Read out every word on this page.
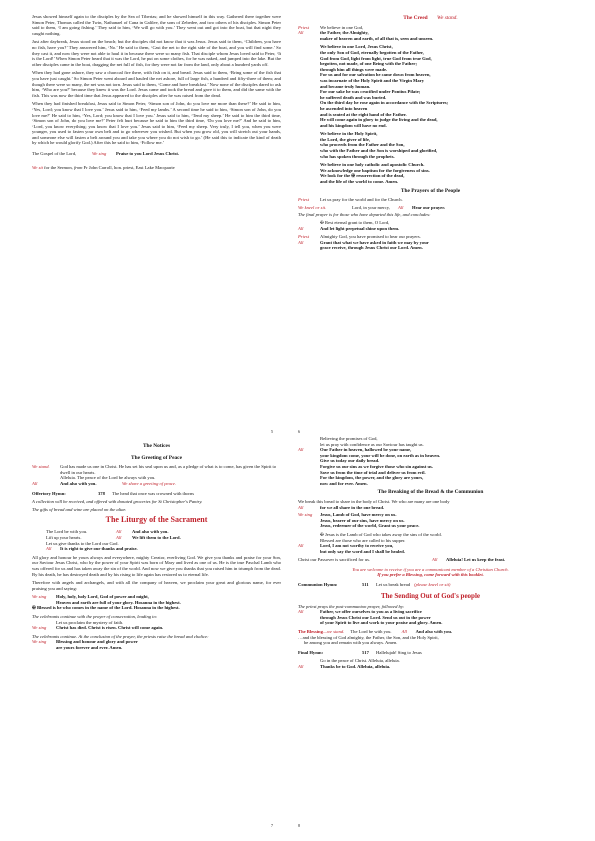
Jesus showed himself again to the disciples by the Sea of Tiberias; and he showed himself in this way. Gathered there together were Simon Peter, Thomas called the Twin, Nathanael of Cana in Galilee, the sons of Zebedee, and two others of his disciples. Simon Peter said to them, ‘I am going fishing.’ They said to him, ‘We will go with you.’ They went out and got into the boat, but that night they caught nothing.

Just after daybreak, Jesus stood on the beach; but the disciples did not know that it was Jesus. Jesus said to them, ‘Children, you have no fish, have you?’ They answered him, ‘No.’ He said to them, ‘Cast the net to the right side of the boat, and you will find some.’ So they cast it, and now they were not able to haul it in because there were so many fish. That disciple whom Jesus loved said to Peter, ‘It is the Lord!’ When Simon Peter heard that it was the Lord, he put on some clothes, for he was naked, and jumped into the lake. But the other disciples came in the boat, dragging the net full of fish, for they were not far from the land, only about a hundred yards off.

When they had gone ashore, they saw a charcoal fire there, with fish on it, and bread. Jesus said to them, ‘Bring some of the fish that you have just caught.’ So Simon Peter went aboard and hauled the net ashore, full of large fish, a hundred and fifty-three of them; and though there were so many, the net was not torn. Jesus said to them, ‘Come and have breakfast.’ Now none of the disciples dared to ask him, ‘Who are you?’ because they knew it was the Lord. Jesus came and took the bread and gave it to them, and did the same with the fish. This was now the third time that Jesus appeared to the disciples after he was raised from the dead.

When they had finished breakfast, Jesus said to Simon Peter, ‘Simon son of John, do you love me more than these?’ He said to him, ‘Yes, Lord; you know that I love you.’ Jesus said to him, ‘Feed my lambs.’ A second time he said to him, ‘Simon son of John, do you love me?’ He said to him, ‘Yes, Lord; you know that I love you.’ Jesus said to him, ‘Tend my sheep.’ He said to him the third time, ‘Simon son of John, do you love me?’ Peter felt hurt because he said to him the third time, ‘Do you love me?’ And he said to him, ‘Lord, you know everything; you know that I love you.’ Jesus said to him, ‘Feed my sheep. Very truly, I tell you, when you were younger, you used to fasten your own belt and to go wherever you wished. But when you grow old, you will stretch out your hands, and someone else will fasten a belt around you and take you where you do not wish to go.’ (He said this to indicate the kind of death by which he would glorify God.) After this he said to him, ‘Follow me.’

The Gospel of the Lord,	We sing	Praise to you Lord Jesus Christ.
We sit for the Sermon, from Fr John Carroll, hon. priest, East Lake Macquarie
5
The Creed We stand.
Priest	We believe in one God,
All	the Father, the Almighty,
maker of heaven and earth, of all that is, seen and unseen.
We believe in one Lord, Jesus Christ,
the only Son of God, eternally begotten of the Father,
God from God, light from light, true God from true God,
begotten, not made, of one Being with the Father;
through him all things were made.
For us and for our salvation he came down from heaven,
was incarnate of the Holy Spirit and the Virgin Mary
and became truly human.
For our sake he was crucified under Pontius Pilate;
he suffered death and was buried.
On the third day he rose again in accordance with the Scriptures;
he ascended into heaven
and is seated at the right hand of the Father.
He will come again in glory to judge the living and the dead,
and his kingdom will have no end.
We believe in the Holy Spirit,
the Lord, the giver of life,
who proceeds from the Father and the Son,
who with the Father and the Son is worshiped and glorified,
who has spoken through the prophets.
We believe in one holy catholic and apostolic Church.
We acknowledge one baptism for the forgiveness of sins.
We look for the ✠ resurrection of the dead,
and the life of the world to come. Amen.
The Prayers of the People
Priest	Let us pray for the world and for the Church.
We kneel or sit.	Lord, in your mercy,	All	Hear our prayer.
The final prayer is for those who have departed this life, and concludes:
✠ Rest eternal grant to them, O Lord,
All	And let light perpetual shine upon them.
Priest	Almighty God, you have promised to hear our prayers.
All	Grant that what we have asked in faith we may by your
grace receive, through Jesus Christ our Lord. Amen.
6
The Notices
The Greeting of Peace
We stand.	God has made us one in Christ. He has set his seal upon us and, as a pledge of what is to come, has given the Spirit to dwell in our hearts.
Alleluia. The peace of the Lord be always with you.
All	And also with you.	We share a greeting of peace.
Offertory Hymn:	378	The head that once was crowned with thorns
A collection will be received, and offered with donated groceries for St Christopher's Pantry.
The gifts of bread and wine are placed on the altar.
The Liturgy of the Sacrament
The Lord be with you.	All	And also with you.
Lift up your hearts.	All	We lift them to the Lord.
Let us give thanks to the Lord our God.
All	It is right to give our thanks and praise.

All glory and honour be yours always and everywhere, mighty Creator, everliving God. We give you thanks and praise for your Son, our Saviour Jesus Christ, who by the power of your Spirit was born of Mary and lived as one of us. He is the true Paschal Lamb who was offered for us and has taken away the sin of the world. And now we give you thanks that you raised him in triumph from the dead. By his death, he has destroyed death and by his rising to life again has restored us to eternal life.

Therefore with angels and archangels, and with all the company of heaven, we proclaim your great and glorious name, for ever praising you and saying:

We sing	Holy, holy, holy Lord, God of power and might,
Heaven and earth are full of your glory. Hosanna in the highest.
✠ Blessed is he who comes in the name of the Lord. Hosanna in the highest.
The celebrants continue with the prayer of consecration, leading to:
Let us proclaim the mystery of faith.
We sing	Christ has died. Christ is risen. Christ will come again.
The celebrants continue. At the conclusion of the prayer, the priests raise the bread and chalice:
We sing	Blessing and honour and glory and power
are yours forever and ever. Amen.
7
Believing the promises of God,
let us pray with confidence as our Saviour has taught us.
All	Our Father in heaven, hallowed be your name,
your kingdom come, your will be done, on earth as in heaven.
Give us today our daily bread.
Forgive us our sins as we forgive those who sin against us.
Save us from the time of trial and deliver us from evil.
For the kingdom, the power, and the glory are yours,
now and for ever. Amen.
The Breaking of the Bread & the Communion
We break this bread to share in the body of Christ. We who are many are one body
All	for we all share in the one bread.
We sing	Jesus, Lamb of God, have mercy on us.
Jesus, bearer of our sins, have mercy on us.
Jesus, redeemer of the world, Grant us your peace.
✠ Jesus is the Lamb of God who takes away the sins of the world.
Blessed are those who are called to his supper.
All	Lord, I am not worthy to receive you,
but only say the word and I shall be healed.
Christ our Passover is sacrificed for us.	All	Alleluia! Let us keep the feast.
You are welcome to receive if you are a communicant member of a Christian Church.
If you prefer a Blessing, come forward with this booklet.
Communion Hymn:	511	Let us break bread (please kneel or sit)
The Sending Out of God's people
The priest prays the post-communion prayer, followed by:
All	Father, we offer ourselves to you as a living sacrifice
through Jesus Christ our Lord. Send us out in the power
of your Spirit to live and work to your praise and glory. Amen.
The Blessing —we stand. The Lord be with you. All	And also with you.
…and the blessing of God almighty, the Father, the Son, and the Holy Spirit,
be among you and remain with you always. Amen.
Final Hymn:	517	Hallelujah! Sing to Jesus
Go in the peace of Christ. Alleluia, alleluia.
All	Thanks be to God. Alleluia, alleluia.
8
